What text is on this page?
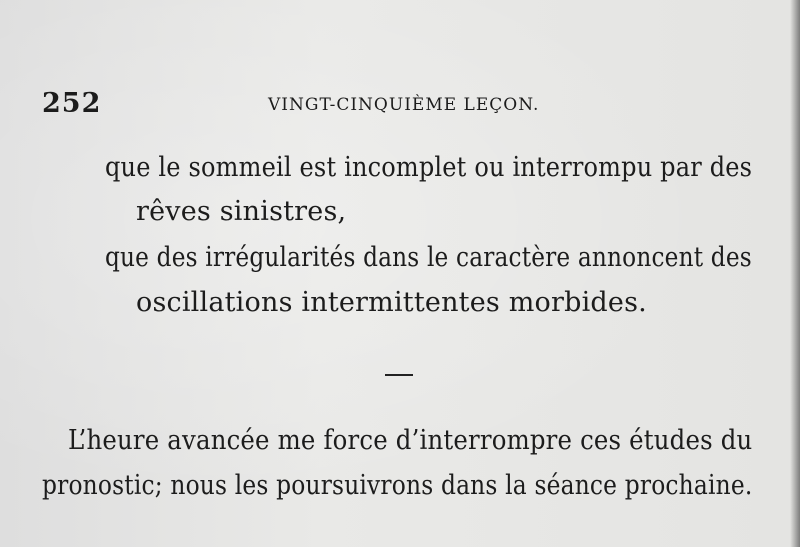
252	VINGT-CINQUIÈME LEÇON.
que le sommeil est incomplet ou interrompu par des
rêves sinistres,
que des irrégularités dans le caractère annoncent des
oscillations intermittentes morbides.
L’heure avancée me force d’interrompre ces études du
pronostic; nous les poursuivrons dans la séance prochaine.
